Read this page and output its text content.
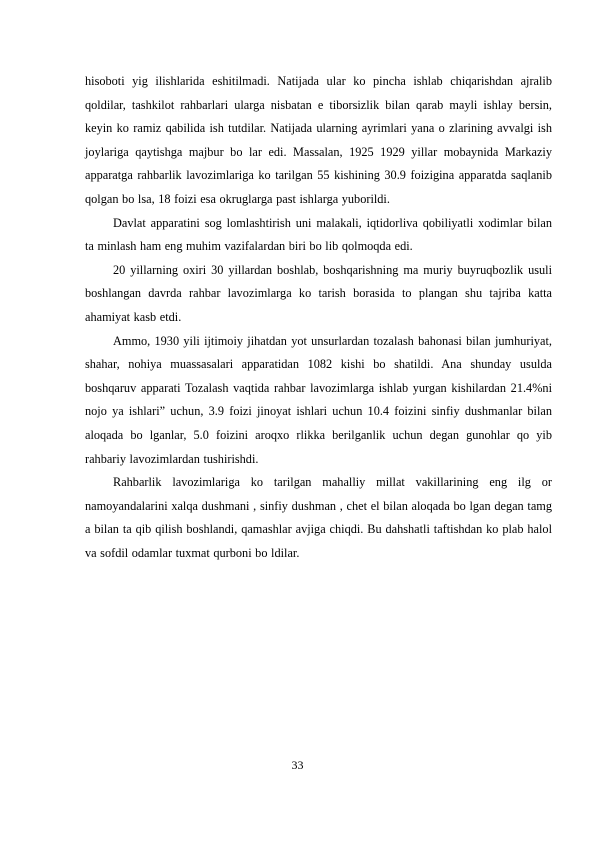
hisoboti yig ilishlarida eshitilmadi. Natijada ular ko pincha ishlab chiqarishdan ajralib qoldilar, tashkilot rahbarlari ularga nisbatan e tiborsizlik bilan qarab mayli ishlay bersin, keyin ko ramiz qabilida ish tutdilar. Natijada ularning ayrimlari yana o zlarining avvalgi ish joylariga qaytishga majbur bo lar edi. Massalan, 1925 1929 yillar mobaynida Markaziy apparatga rahbarlik lavozimlariga ko tarilgan 55 kishining 30.9 foizigina apparatda saqlanib qolgan bo lsa, 18 foizi esa okruglarga past ishlarga yuborildi.

Davlat apparatini sog lomlashtirish uni malakali, iqtidorliva qobiliyatli xodimlar bilan ta minlash ham eng muhim vazifalardan biri bo lib qolmoqda edi.

20 yillarning oxiri 30 yillardan boshlab, boshqarishning ma muriy buyruqbozlik usuli boshlangan davrda rahbar lavozimlarga ko tarish borasida to plangan shu tajriba katta ahamiyat kasb etdi.

Ammo, 1930 yili ijtimoiy jihatdan yot unsurlardan tozalash bahonasi bilan jumhuriyat, shahar, nohiya muassasalari apparatidan 1082 kishi bo shatildi. Ana shunday usulda boshqaruv apparati Tozalash vaqtida rahbar lavozimlarga ishlab yurgan kishilardan 21.4%ni nojo ya ishlari” uchun, 3.9 foizi jinoyat ishlari uchun 10.4 foizini sinfiy dushmanlar bilan aloqada bo lganlar, 5.0 foizini aroqxo rlikka berilganlik uchun degan gunohlar qo yib rahbariy lavozimlardan tushirishdi.

Rahbarlik lavozimlariga ko tarilgan mahalliy millat vakillarining eng ilg or namoyandalarini xalqa dushmani , sinfiy dushman , chet el bilan aloqada bo lgan degan tamg a bilan ta qib qilish boshlandi, qamashlar avjiga chiqdi. Bu dahshatli taftishdan ko plab halol va sofdil odamlar tuxmat qurboni bo ldilar.

33
